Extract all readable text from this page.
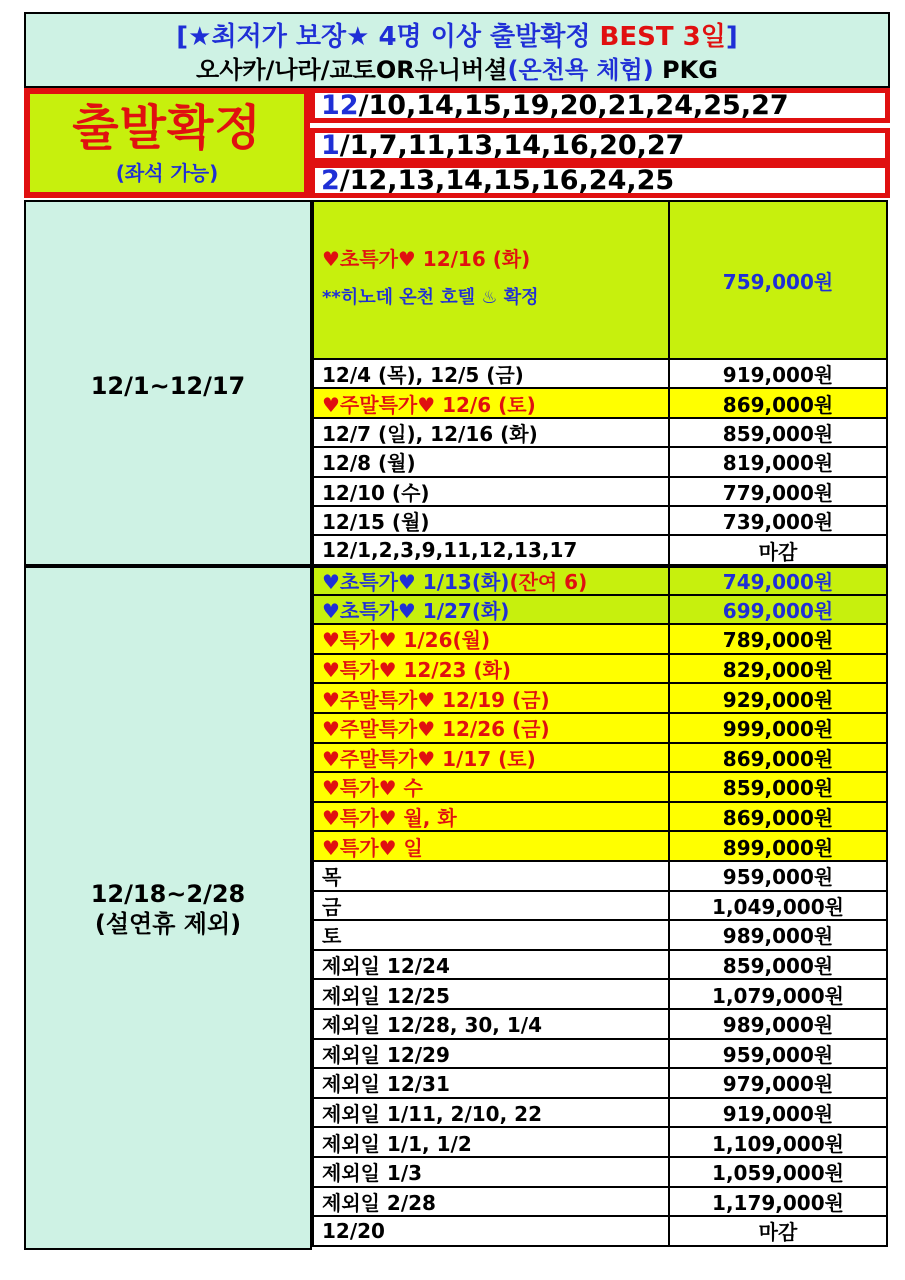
[★최저가 보장★ 4명 이상 출발확정 BEST 3일]
오사카/나라/교토OR유니버셜(온천욕 체험) PKG
출발확정
(좌석 가능)
12/10,14,15,19,20,21,24,25,27
1/1,7,11,13,14,16,20,27
2/12,13,14,15,16,24,25
12/1~12/17
♥초특가♥ 12/16 (화)
**히노데 온천 호텔 ♨ 확정
759,000원
12/4 (목), 12/5 (금)	919,000원
♥주말특가♥ 12/6 (토)	869,000원
12/7 (일), 12/16 (화)	859,000원
12/8 (월)	819,000원
12/10 (수)	779,000원
12/15 (월)	739,000원
12/1,2,3,9,11,12,13,17	마감
12/18~2/28
(설연휴 제외)
♥초특가♥ 1/13(화) (잔여 6)	749,000원
♥초특가♥ 1/27(화)	699,000원
♥특가♥ 1/26(월)	789,000원
♥특가♥ 12/23 (화)	829,000원
♥주말특가♥ 12/19 (금)	929,000원
♥주말특가♥ 12/26 (금)	999,000원
♥주말특가♥ 1/17 (토)	869,000원
♥특가♥ 수	859,000원
♥특가♥ 월, 화	869,000원
♥특가♥ 일	899,000원
목	959,000원
금	1,049,000원
토	989,000원
제외일 12/24	859,000원
제외일 12/25	1,079,000원
제외일 12/28, 30, 1/4	989,000원
제외일 12/29	959,000원
제외일 12/31	979,000원
제외일 1/11, 2/10, 22	919,000원
제외일 1/1, 1/2	1,109,000원
제외일 1/3	1,059,000원
제외일 2/28	1,179,000원
12/20	마감
